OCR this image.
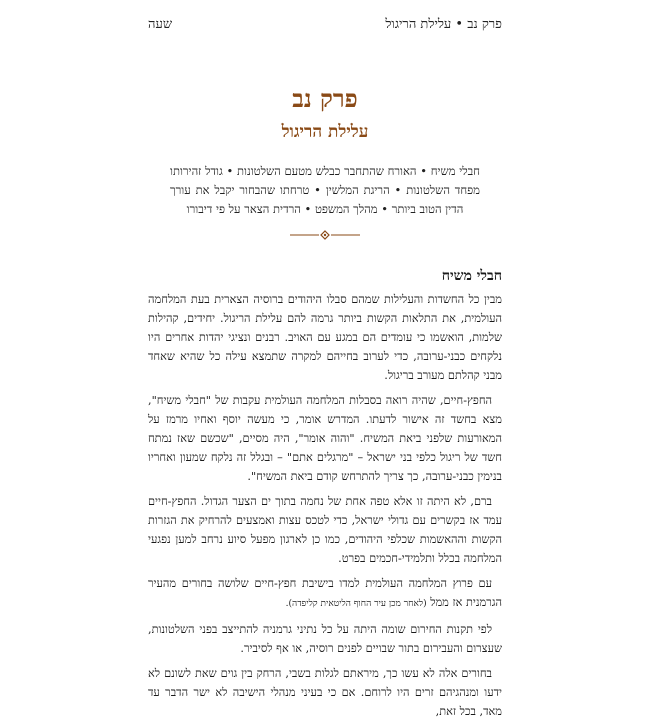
פרק נב • עלילת הריגול
שעה
פרק נב
עלילת הריגול
חבלי משיח • האורח שהתחבר כבלש מטעם השלטונות • גודל זהירותו מפחד השלטונות • הריגת המלשין • טרחתו שהבחור יקבל את עורך הדין הטוב ביותר • מהלך המשפט • הרדית הצאר על פי דיבורו
חבלי משיח

מבין כל החשדות והעלילות שמהם סבלו היהודים ברוסיה הצארית בעת המלחמה העולמית, את התלאות הקשות ביותר גרמה להם עלילת הריגול. יחידים, קהילות שלמות, הואשמו כי עומדים הם במגע עם האויב. רבנים ונציגי יהדות אחרים היו נלקחים כבני-ערובה, כדי לערוב בחייהם למקרה שתמצא עילה כל שהיא שאחד מבני קהלתם מעורב בריגול.

החפץ-חיים, שהיה רואה בסבלות המלחמה העולמית עקבות של "חבלי משיח", מצא בחשד זה אישור לדעתו. המדרש אומר, כי מעשה יוסף ואחיו מרמז על המאורעות שלפני ביאת המשיח. "והוה אומר", היה מסיים, "שכשם שאז נמתח חשד של ריגול כלפי בני ישראל – "מרגלים אתם" – ובגלל זה נלקח שמעון ואחריו בנימין כבני-ערובה, כך צריך להתרחש קודם ביאת המשיח".

ברם, לא היתה זו אלא טפה אחת של נחמה בתוך ים הצער הגדול. החפץ-חיים עמד אז בקשרים עם גדולי ישראל, כדי לטכס עצות ואמצעים להרחיק את הגזרות הקשות וההאשמות שכלפי היהודים, כמו כן לארגון מפעל סיוע נרחב למען נפגעי המלחמה בכלל ותלמידי-חכמים בפרט.

עם פרוץ המלחמה העולמית למדו בישיבת חפץ-חיים שלושה בחורים מהעיר הגרמנית אז ממל (לאחר מכן עיר החוף הליטאית קליפדה).

לפי תקנות החירום שומה היתה על כל נתיני גרמניה להתייצב בפני השלטונות, שעצרום והעבירום בתור שבויים לפנים רוסיה, או אף לסיביר.

בחורים אלה לא עשו כך, מיראתם לגלות בשבי, הרחק בין גוים שאת לשונם לא ידעו ומנהגיהם זרים היו לרוחם. אם כי בעיני מנהלי הישיבה לא ישר הדבר עד מאד, בכל זאת,
